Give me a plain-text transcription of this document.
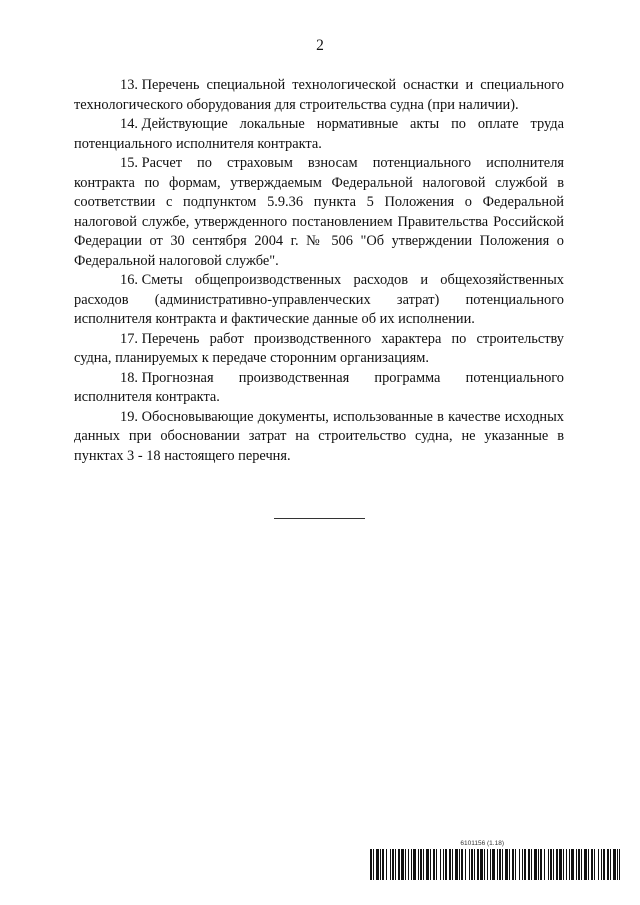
2

13. Перечень специальной технологической оснастки и специального технологического оборудования для строительства судна (при наличии).

14. Действующие локальные нормативные акты по оплате труда потенциального исполнителя контракта.

15. Расчет по страховым взносам потенциального исполнителя контракта по формам, утверждаемым Федеральной налоговой службой в соответствии с подпунктом 5.9.36 пункта 5 Положения о Федеральной налоговой службе, утвержденного постановлением Правительства Российской Федерации от 30 сентября 2004 г. № 506 "Об утверждении Положения о Федеральной налоговой службе".

16. Сметы общепроизводственных расходов и общехозяйственных расходов (административно-управленческих затрат) потенциального исполнителя контракта и фактические данные об их исполнении.

17. Перечень работ производственного характера по строительству судна, планируемых к передаче сторонним организациям.

18. Прогнозная производственная программа потенциального исполнителя контракта.

19. Обосновывающие документы, использованные в качестве исходных данных при обосновании затрат на строительство судна, не указанные в пунктах 3 - 18 настоящего перечня.

6101156 (1.18)
